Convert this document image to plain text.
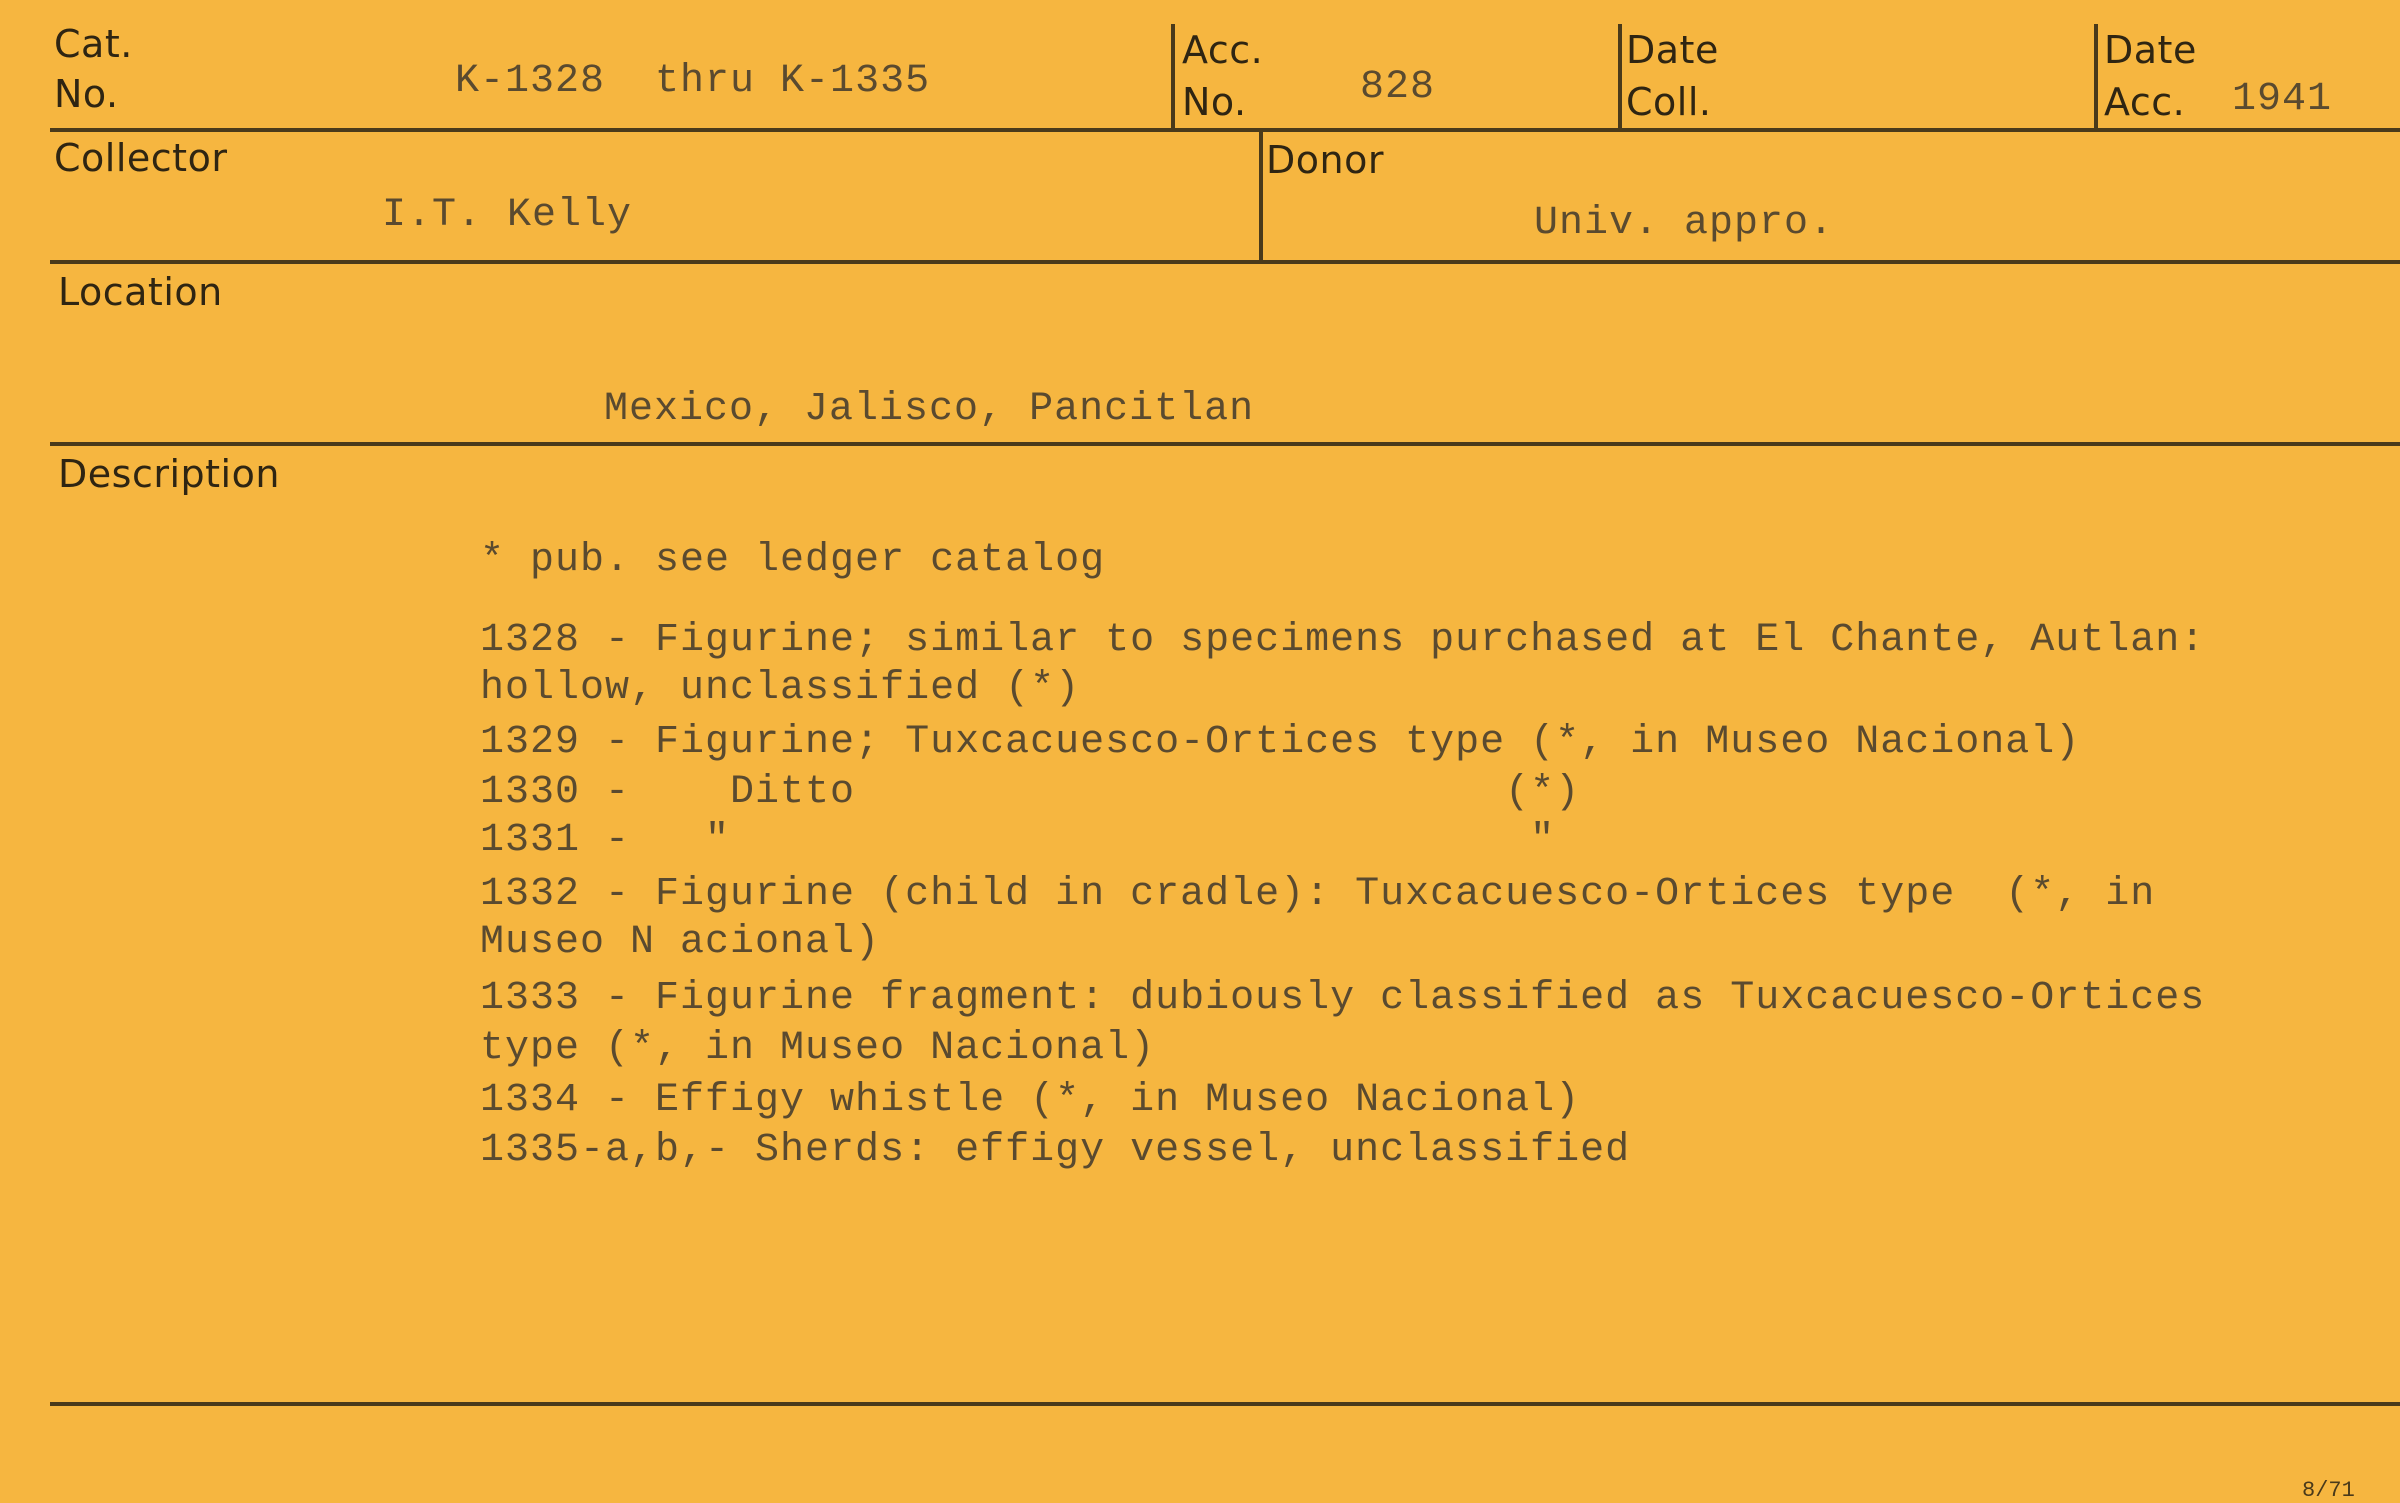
Cat.
No.	K-1328  thru K-1335
Acc.
No.	828
Date
Coll.
Date
Acc. 1941
Collector
I.T. Kelly
Donor
Univ. appro.
Location
Mexico, Jalisco, Pancitlan
Description
* pub. see ledger catalog
1328 - Figurine; similar to specimens purchased at El Chante, Autlan:
hollow, unclassified (*)
1329 - Figurine; Tuxcacuesco-Ortices type (*, in Museo Nacional)
1330 -    Ditto                          (*)
1331 -   "                                "
1332 - Figurine (child in cradle): Tuxcacuesco-Ortices type  (*, in
Museo N acional)
1333 - Figurine fragment: dubiously classified as Tuxcacuesco-Ortices
type (*, in Museo Nacional)
1334 - Effigy whistle (*, in Museo Nacional)
1335-a,b,- Sherds: effigy vessel, unclassified
8/71
